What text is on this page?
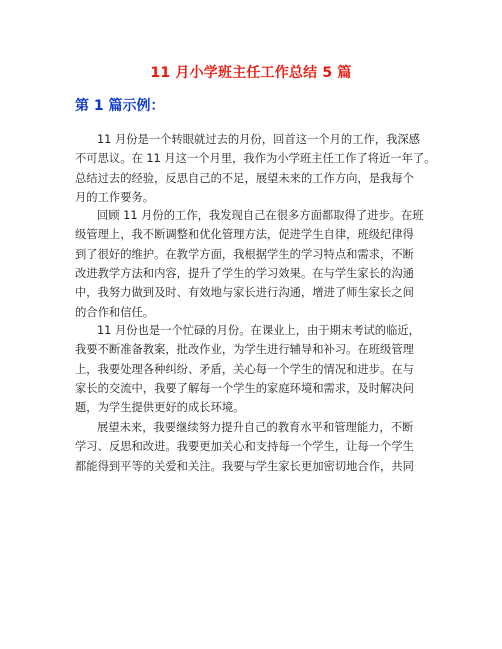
11 月小学班主任工作总结 5 篇
第 1 篇示例：
11 月份是一个转眼就过去的月份，回首这一个月的工作，我深感
不可思议。在 11 月这一个月里，我作为小学班主任工作了将近一年了。
总结过去的经验，反思自己的不足，展望未来的工作方向，是我每个
月的工作要务。
回顾 11 月份的工作，我发现自己在很多方面都取得了进步。在班
级管理上，我不断调整和优化管理方法，促进学生自律，班级纪律得
到了很好的维护。在教学方面，我根据学生的学习特点和需求，不断
改进教学方法和内容，提升了学生的学习效果。在与学生家长的沟通
中，我努力做到及时、有效地与家长进行沟通，增进了师生家长之间
的合作和信任。
11 月份也是一个忙碌的月份。在课业上，由于期末考试的临近，
我要不断准备教案，批改作业，为学生进行辅导和补习。在班级管理
上，我要处理各种纠纷、矛盾，关心每一个学生的情况和进步。在与
家长的交流中，我要了解每一个学生的家庭环境和需求，及时解决问
题，为学生提供更好的成长环境。
展望未来，我要继续努力提升自己的教育水平和管理能力，不断
学习、反思和改进。我要更加关心和支持每一个学生，让每一个学生
都能得到平等的关爱和关注。我要与学生家长更加密切地合作，共同
